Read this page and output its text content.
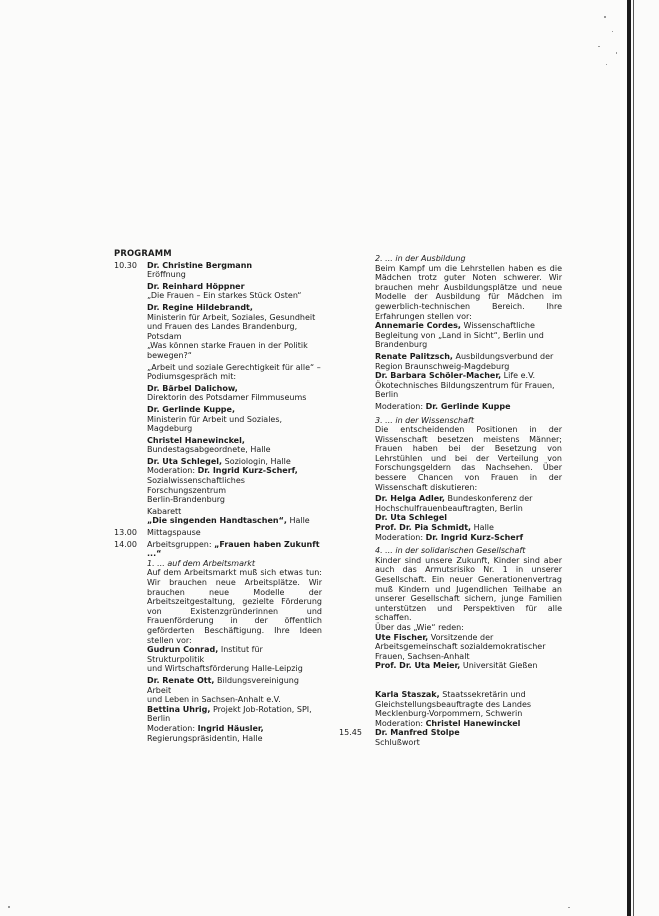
PROGRAMM
10.30 Dr. Christine Bergmann
Eröffnung
Dr. Reinhard Höppner
„Die Frauen – Ein starkes Stück Osten“
Dr. Regine Hildebrandt,
Ministerin für Arbeit, Soziales, Gesundheit
und Frauen des Landes Brandenburg, Potsdam
„Was können starke Frauen in der Politik
bewegen?“
„Arbeit und soziale Gerechtigkeit für alle“ –
Podiumsgespräch mit:
Dr. Bärbel Dalichow,
Direktorin des Potsdamer Filmmuseums
Dr. Gerlinde Kuppe,
Ministerin für Arbeit und Soziales, Magdeburg
Christel Hanewinckel,
Bundestagsabgeordnete, Halle
Dr. Uta Schlegel, Soziologin, Halle
Moderation: Dr. Ingrid Kurz-Scherf,
Sozialwissenschaftliches Forschungszentrum
Berlin-Brandenburg
Kabarett
„Die singenden Handtaschen“, Halle
13.00 Mittagspause
14.00 Arbeitsgruppen: „Frauen haben Zukunft ...“
1. ... auf dem Arbeitsmarkt

Auf dem Arbeitsmarkt muß sich etwas tun: Wir brauchen neue Arbeitsplätze. Wir brauchen neue Modelle der Arbeitszeitgestaltung, gezielte Förderung von Existenzgründerinnen und Frauenförderung in der öffentlich geförderten Beschäftigung. Ihre Ideen stellen vor:

Gudrun Conrad, Institut für Strukturpolitik
und Wirtschaftsförderung Halle-Leipzig
Dr. Renate Ott, Bildungsvereinigung Arbeit
und Leben in Sachsen-Anhalt e.V.
Bettina Uhrig, Projekt Job-Rotation, SPI,
Berlin
Moderation: Ingrid Häusler,
Regierungspräsidentin, Halle
2. ... in der Ausbildung

Beim Kampf um die Lehrstellen haben es die Mädchen trotz guter Noten schwerer. Wir brauchen mehr Ausbildungsplätze und neue Modelle der Ausbildung für Mädchen im gewerblich-technischen Bereich. Ihre Erfahrungen stellen vor:

Annemarie Cordes, Wissenschaftliche
Begleitung von „Land in Sicht“, Berlin und
Brandenburg
Renate Palitzsch, Ausbildungsverbund der
Region Braunschweig-Magdeburg
Dr. Barbara Schöler-Macher, Life e.V.
Ökotechnisches Bildungszentrum für Frauen,
Berlin
Moderation: Dr. Gerlinde Kuppe
3. ... in der Wissenschaft

Die entscheidenden Positionen in der Wissenschaft besetzen meistens Männer; Frauen haben bei der Besetzung von Lehrstühlen und bei der Verteilung von Forschungsgeldern das Nachsehen. Über bessere Chancen von Frauen in der Wissenschaft diskutieren:

Dr. Helga Adler, Bundeskonferenz der
Hochschulfrauenbeauftragten, Berlin
Dr. Uta Schlegel
Prof. Dr. Pia Schmidt, Halle
Moderation: Dr. Ingrid Kurz-Scherf
4. ... in der solidarischen Gesellschaft

Kinder sind unsere Zukunft, Kinder sind aber auch das Armutsrisiko Nr. 1 in unserer Gesellschaft. Ein neuer Generationenvertrag muß Kindern und Jugendlichen Teilhabe an unserer Gesellschaft sichern, junge Familien unterstützen und Perspektiven für alle schaffen.

Über das „Wie“ reden:
Ute Fischer, Vorsitzende der
Arbeitsgemeinschaft sozialdemokratischer
Frauen, Sachsen-Anhalt
Prof. Dr. Uta Meier, Universität Gießen
Karla Staszak, Staatssekretärin und
Gleichstellungsbeauftragte des Landes
Mecklenburg-Vorpommern, Schwerin
Moderation: Christel Hanewinckel
15.45 Dr. Manfred Stolpe
Schlußwort
